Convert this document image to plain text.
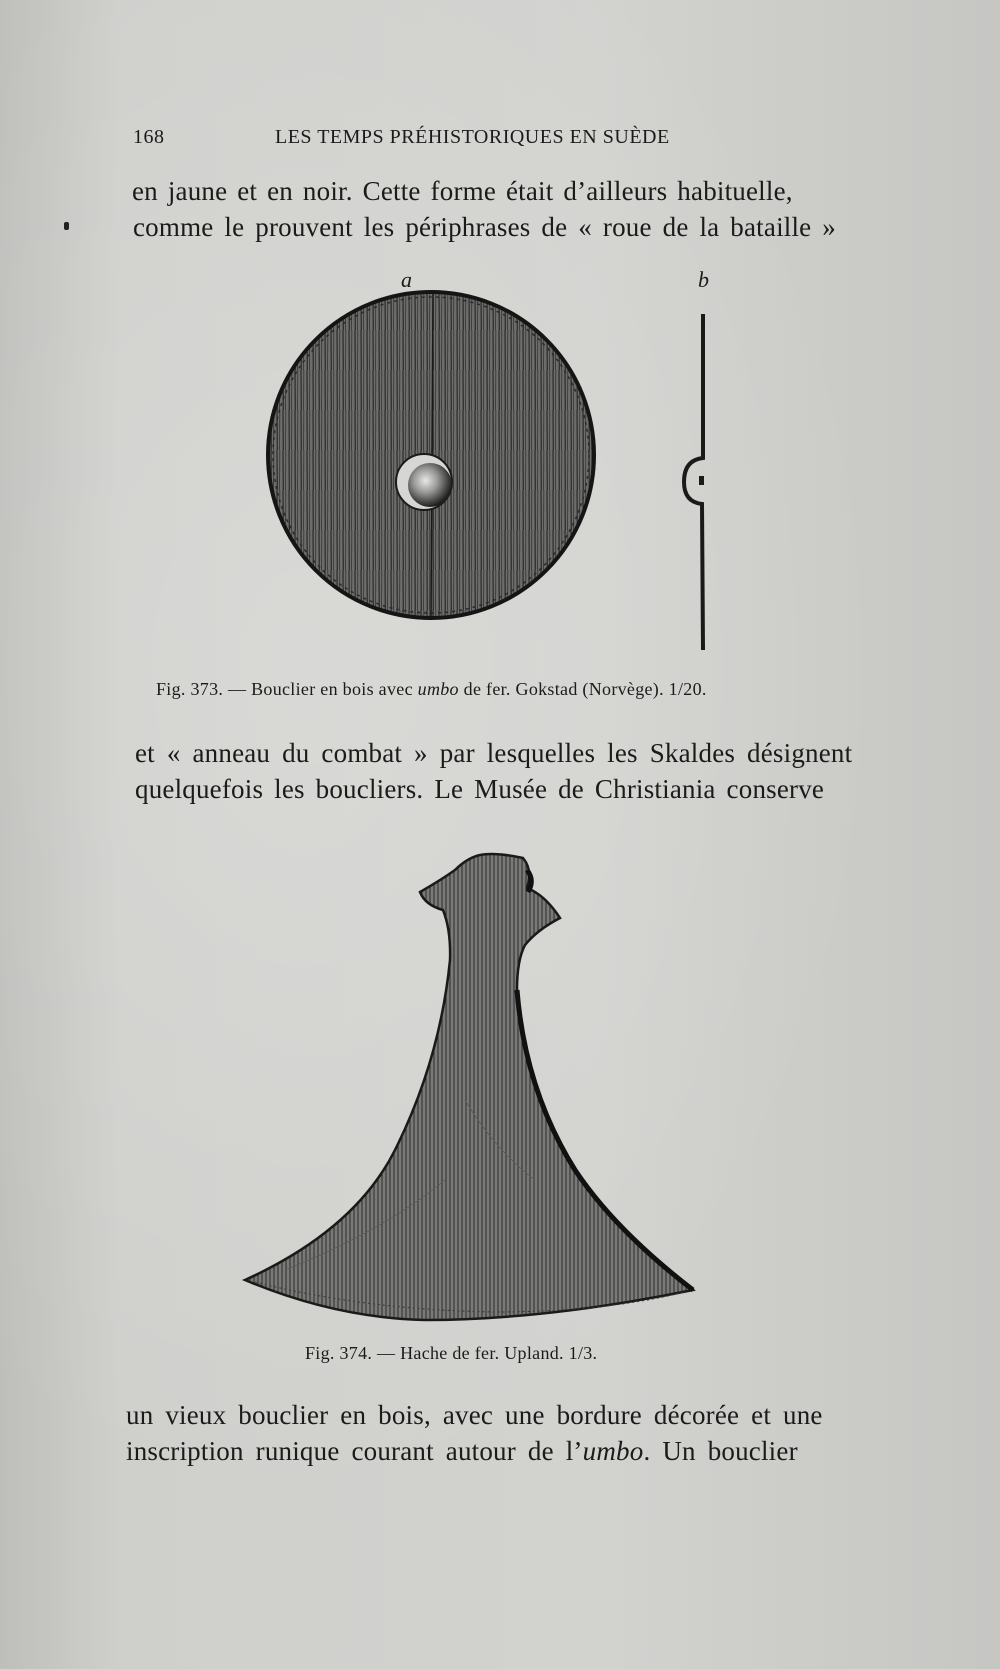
168	LES TEMPS PRÉHISTORIQUES EN SUÈDE
en jaune et en noir. Cette forme était d’ailleurs habituelle,
comme le prouvent les périphrases de « roue de la bataille »
a	b
Fig. 373. — Bouclier en bois avec umbo de fer. Gokstad (Norvège). 1/20.
et « anneau du combat » par lesquelles les Skaldes désignent
quelquefois les boucliers. Le Musée de Christiania conserve
Fig. 374. — Hache de fer. Upland. 1/3.
un vieux bouclier en bois, avec une bordure décorée et une
inscription runique courant autour de l’umbo. Un bouclier
